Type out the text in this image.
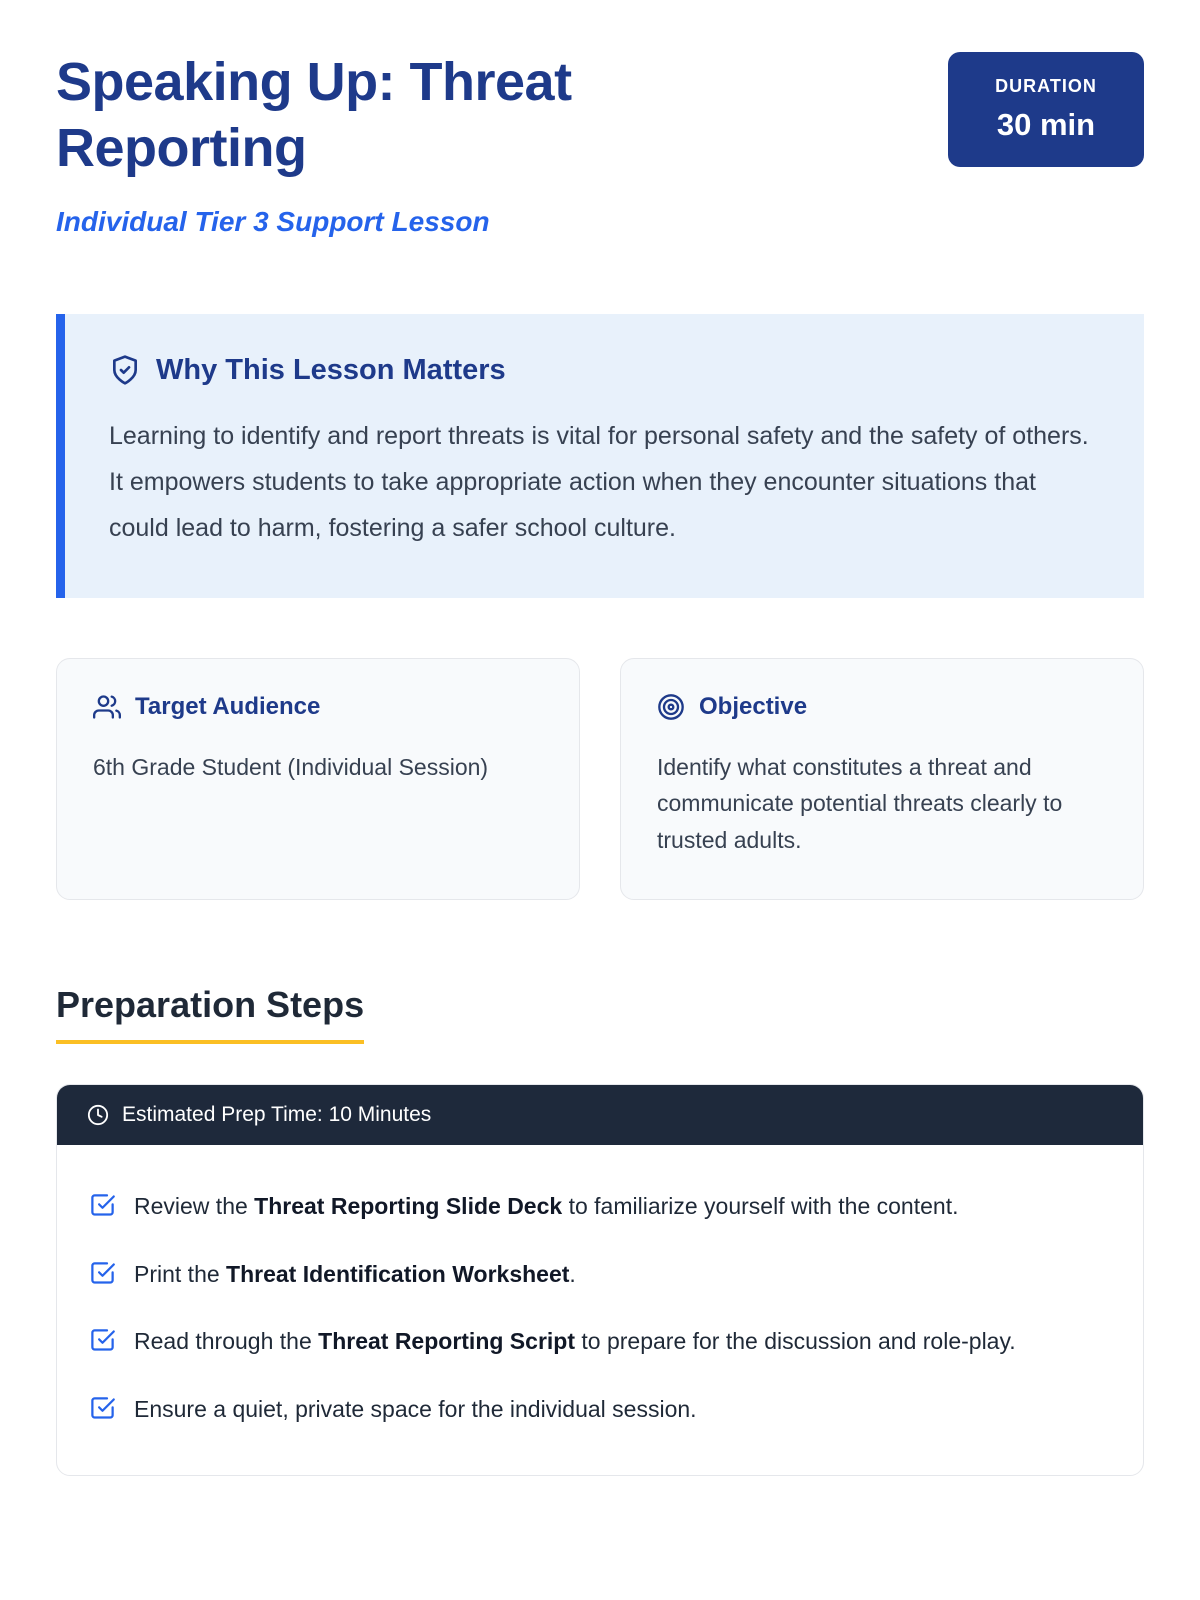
Speaking Up: Threat Reporting
Individual Tier 3 Support Lesson
DURATION
30 min
Why This Lesson Matters

Learning to identify and report threats is vital for personal safety and the safety of others. It empowers students to take appropriate action when they encounter situations that could lead to harm, fostering a safer school culture.

Target Audience

6th Grade Student (Individual Session)

Objective

Identify what constitutes a threat and communicate potential threats clearly to trusted adults.

Preparation Steps
Estimated Prep Time: 10 Minutes
Review the Threat Reporting Slide Deck to familiarize yourself with the content.
Print the Threat Identification Worksheet.
Read through the Threat Reporting Script to prepare for the discussion and role-play.
Ensure a quiet, private space for the individual session.
